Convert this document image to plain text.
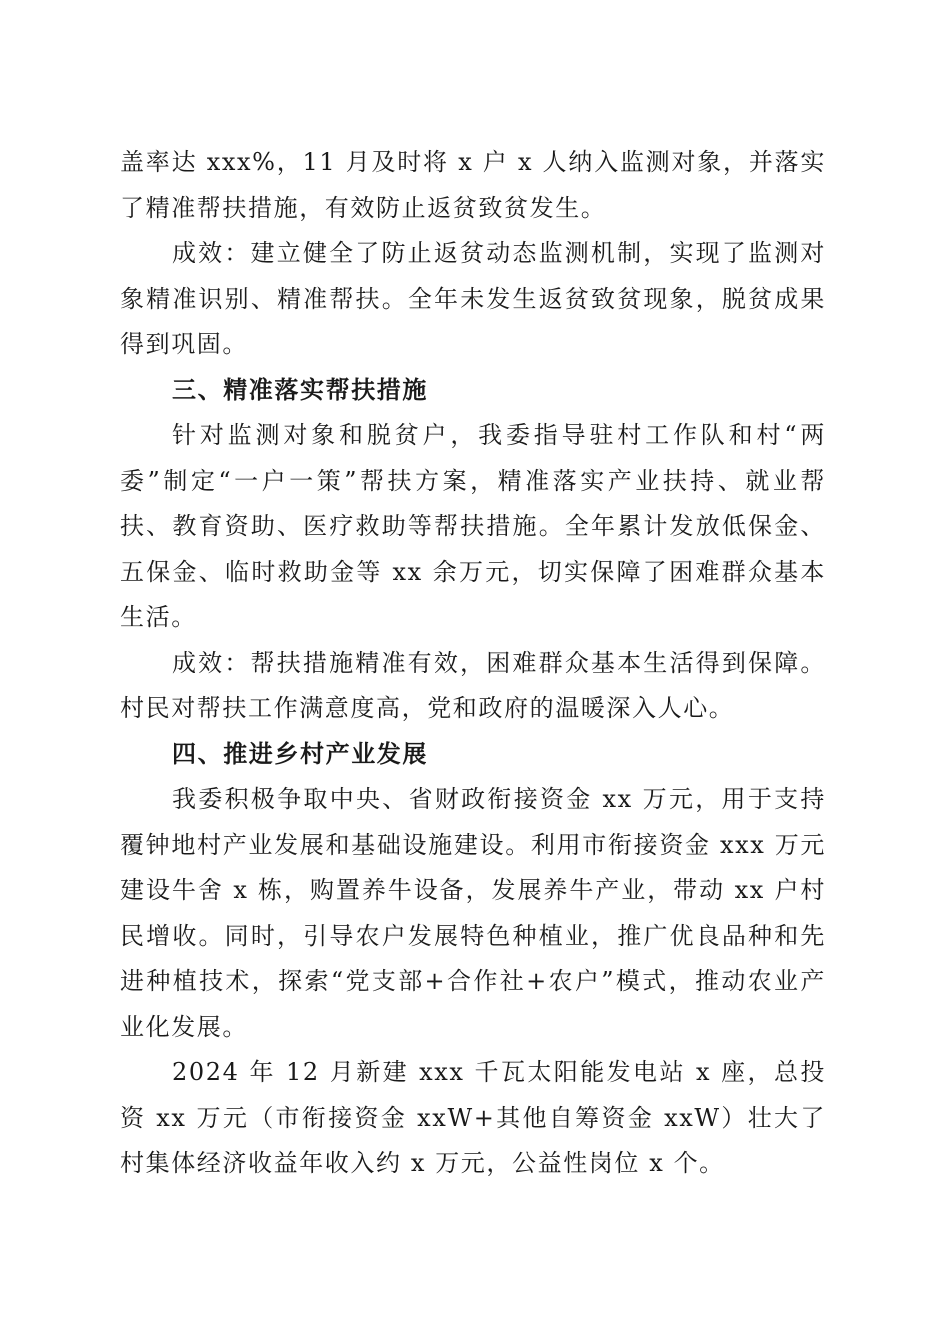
盖率达 xxx%，11 月及时将 x 户 x 人纳入监测对象，并落实了精准帮扶措施，有效防止返贫致贫发生。

成效：建立健全了防止返贫动态监测机制，实现了监测对象精准识别、精准帮扶。全年未发生返贫致贫现象，脱贫成果得到巩固。

三、精准落实帮扶措施

针对监测对象和脱贫户，我委指导驻村工作队和村“两委”制定“一户一策”帮扶方案，精准落实产业扶持、就业帮扶、教育资助、医疗救助等帮扶措施。全年累计发放低保金、五保金、临时救助金等 xx 余万元，切实保障了困难群众基本生活。

成效：帮扶措施精准有效，困难群众基本生活得到保障。村民对帮扶工作满意度高，党和政府的温暖深入人心。

四、推进乡村产业发展

我委积极争取中央、省财政衔接资金 xx 万元，用于支持覆钟地村产业发展和基础设施建设。利用市衔接资金 xxx 万元建设牛舍 x 栋，购置养牛设备，发展养牛产业，带动 xx 户村民增收。同时，引导农户发展特色种植业，推广优良品种和先进种植技术，探索“党支部+合作社+农户”模式，推动农业产业化发展。

2024 年 12 月新建 xxx 千瓦太阳能发电站 x 座，总投资 xx 万元（市衔接资金 xxW+其他自筹资金 xxW）壮大了村集体经济收益年收入约 x 万元，公益性岗位 x 个。
